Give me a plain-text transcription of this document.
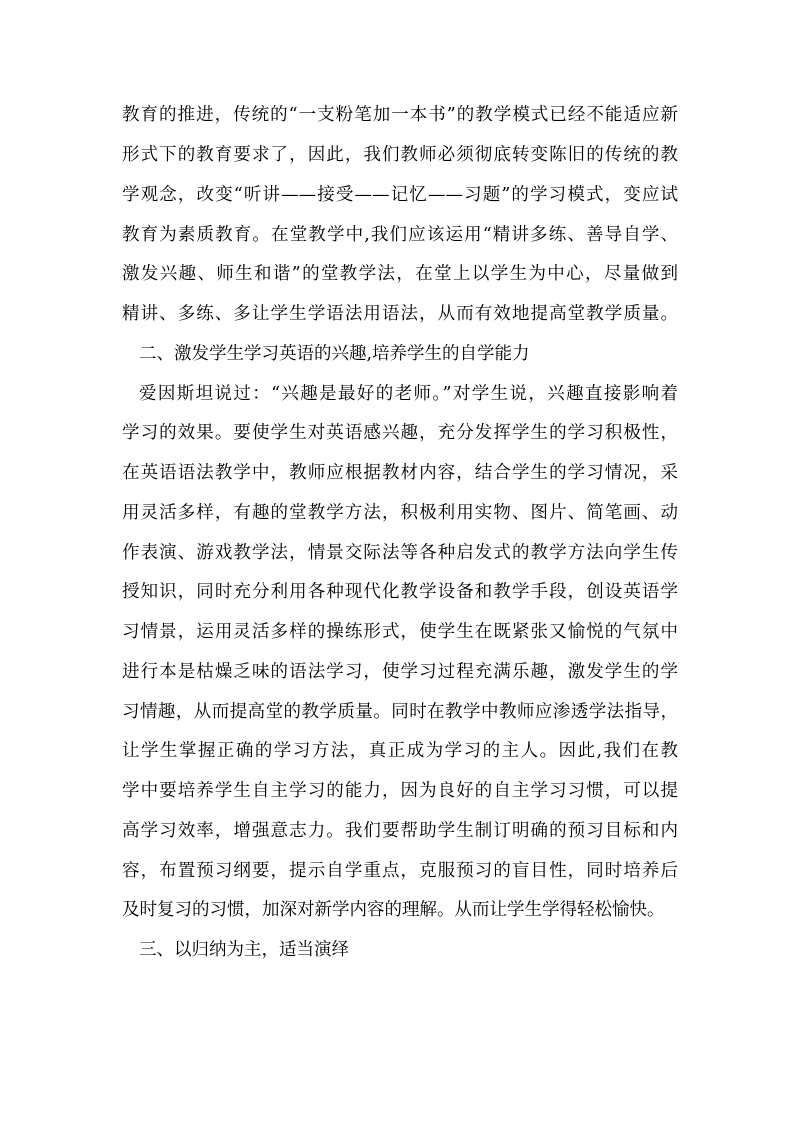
教育的推进，传统的“一支粉笔加一本书”的教学模式已经不能适应新
形式下的教育要求了，因此，我们教师必须彻底转变陈旧的传统的教
学观念，改变“听讲——接受——记忆——习题”的学习模式，变应试
教育为素质教育。在堂教学中,我们应该运用“精讲多练、善导自学、
激发兴趣、师生和谐”的堂教学法，在堂上以学生为中心，尽量做到
精讲、多练、多让学生学语法用语法，从而有效地提高堂教学质量。
二、激发学生学习英语的兴趣,培养学生的自学能力
爱因斯坦说过：“兴趣是最好的老师。”对学生说，兴趣直接影响着
学习的效果。要使学生对英语感兴趣，充分发挥学生的学习积极性，
在英语语法教学中，教师应根据教材内容，结合学生的学习情况，采
用灵活多样，有趣的堂教学方法，积极利用实物、图片、简笔画、动
作表演、游戏教学法，情景交际法等各种启发式的教学方法向学生传
授知识，同时充分利用各种现代化教学设备和教学手段，创设英语学
习情景，运用灵活多样的操练形式，使学生在既紧张又愉悦的气氛中
进行本是枯燥乏味的语法学习，使学习过程充满乐趣，激发学生的学
习情趣，从而提高堂的教学质量。同时在教学中教师应渗透学法指导，
让学生掌握正确的学习方法，真正成为学习的主人。因此,我们在教
学中要培养学生自主学习的能力，因为良好的自主学习习惯，可以提
高学习效率，增强意志力。我们要帮助学生制订明确的预习目标和内
容，布置预习纲要，提示自学重点，克服预习的盲目性，同时培养后
及时复习的习惯，加深对新学内容的理解。从而让学生学得轻松愉快。
三、以归纳为主，适当演绎
